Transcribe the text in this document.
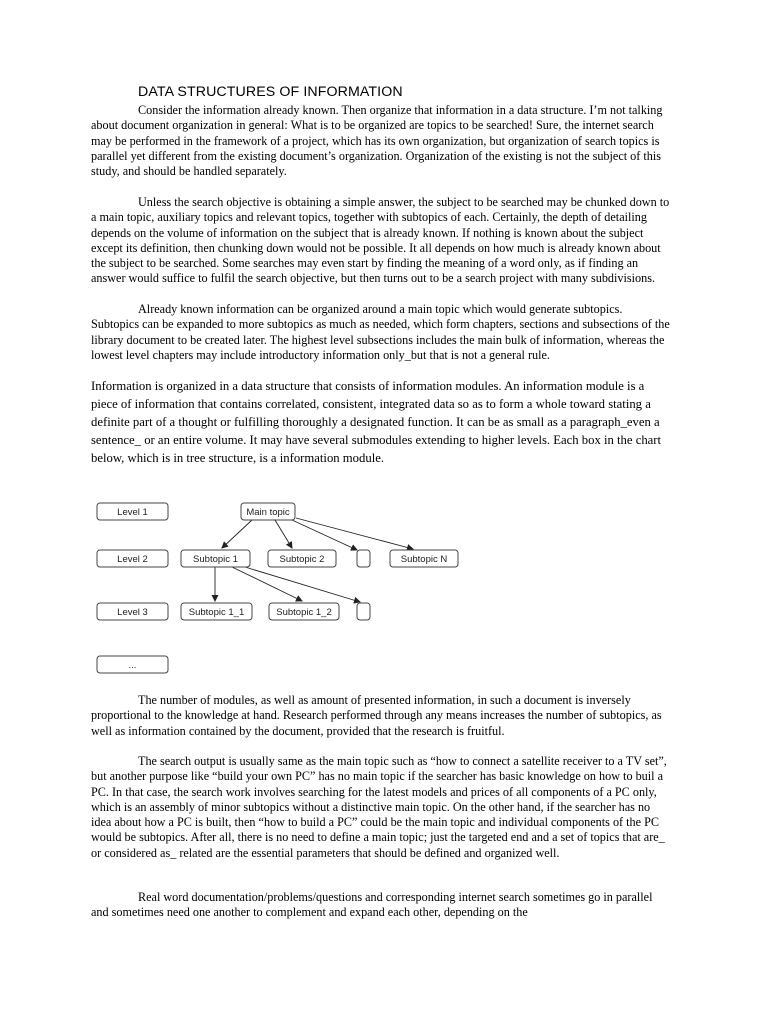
DATA STRUCTURES OF INFORMATION

Consider the information already known. Then organize that information in a data structure. I’m not talking about document organization in general: What is to be organized are topics to be searched! Sure, the internet search may be performed in the framework of a project, which has its own organization, but organization of search topics is parallel yet different from the existing document’s organization. Organization of the existing is not the subject of this study, and should be handled separately.

Unless the search objective is obtaining a simple answer, the subject to be searched may be chunked down to a main topic, auxiliary topics and relevant topics, together with subtopics of each. Certainly, the depth of detailing depends on the volume of information on the subject that is already known. If nothing is known about the subject except its definition, then chunking down would not be possible. It all depends on how much is already known about the subject to be searched. Some searches may even start by finding the meaning of a word only, as if finding an answer would suffice to fulfil the search objective, but then turns out to be a search project with many subdivisions.

Already known information can be organized around a main topic which would generate subtopics. Subtopics can be expanded to more subtopics as much as needed, which form chapters, sections and subsections of the library document to be created later. The highest level subsections includes the main bulk of information, whereas the lowest level chapters may include introductory information only_but that is not a general rule.

Information is organized in a data structure that consists of information modules. An information module is a piece of information that contains correlated, consistent, integrated data so as to form a whole toward stating a definite part of a thought or fulfilling thoroughly a designated function. It can be as small as a paragraph_even a sentence_ or an entire volume. It may have several submodules extending to higher levels. Each box in the chart below, which is in tree structure, is a information module.

Level 1
Level 2
Level 3
...
Main topic
Subtopic 1	Subtopic 2	Subtopic N
Subtopic 1_1	Subtopic 1_2

The number of modules, as well as amount of presented information, in such a document is inversely proportional to the knowledge at hand. Research performed through any means increases the number of subtopics, as well as information contained by the document, provided that the research is fruitful.

The search output is usually same as the main topic such as “how to connect a satellite receiver to a TV set”, but another purpose like “build your own PC” has no main topic if the searcher has basic knowledge on how to buil a PC. In that case, the search work involves searching for the latest models and prices of all components of a PC only, which is an assembly of minor subtopics without a distinctive main topic. On the other hand, if the searcher has no idea about how a PC is built, then “how to build a PC” could be the main topic and individual components of the PC would be subtopics. After all, there is no need to define a main topic; just the targeted end and a set of topics that are_ or considered as_ related are the essential parameters that should be defined and organized well.

Real word documentation/problems/questions and corresponding internet search sometimes go in parallel and sometimes need one another to complement and expand each other, depending on the
